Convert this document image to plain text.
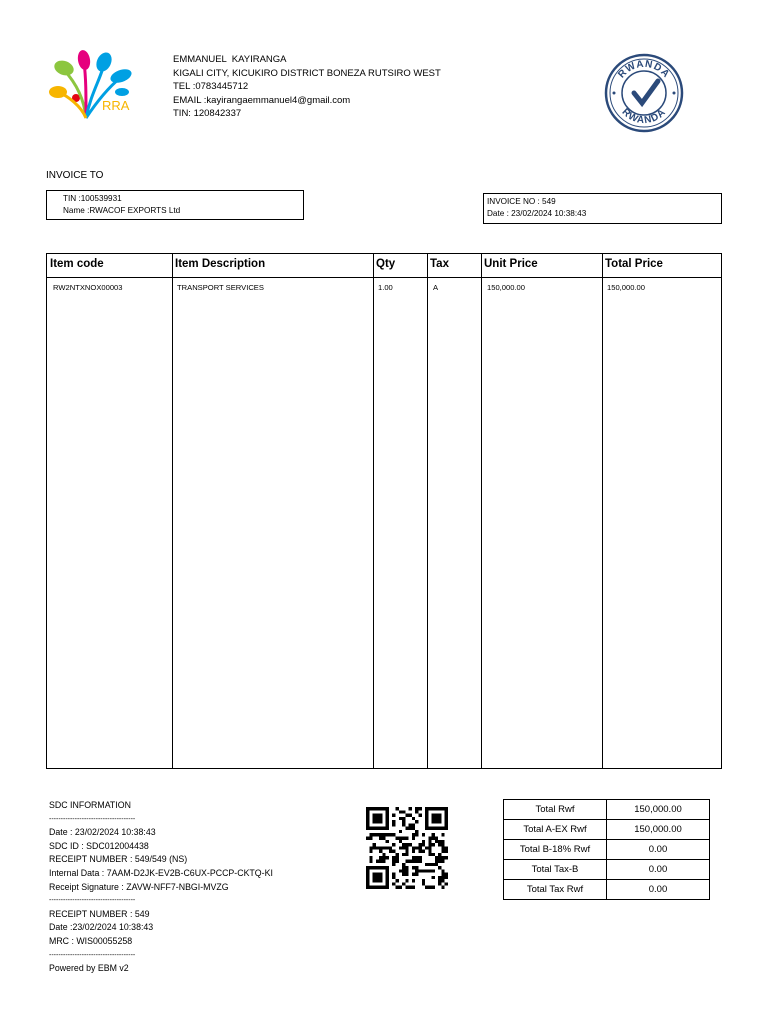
RRA
EMMANUEL  KAYIRANGA
KIGALI CITY, KICUKIRO DISTRICT BONEZA RUTSIRO WEST
TEL :0783445712
EMAIL :kayirangaemmanuel4@gmail.com
TIN: 120842337
RWANDA
RWANDA
INVOICE TO
TIN :100539931
Name :RWACOF EXPORTS Ltd
INVOICE NO : 549
Date : 23/02/2024 10:38:43
Item code	Item Description	Qty	Tax	Unit Price	Total Price
RW2NTXNOX00003	TRANSPORT SERVICES	1.00	A	150,000.00	150,000.00
SDC INFORMATION
-------------------------------------
Date : 23/02/2024 10:38:43
SDC ID : SDC012004438
RECEIPT NUMBER : 549/549 (NS)
Internal Data : 7AAM-D2JK-EV2B-C6UX-PCCP-CKTQ-KI
Receipt Signature : ZAVW-NFF7-NBGI-MVZG
-------------------------------------
RECEIPT NUMBER : 549
Date :23/02/2024 10:38:43
MRC : WIS00055258
-------------------------------------
Powered by EBM v2
Total Rwf	150,000.00
Total A-EX Rwf	150,000.00
Total B-18% Rwf	0.00
Total Tax-B	0.00
Total Tax Rwf	0.00
